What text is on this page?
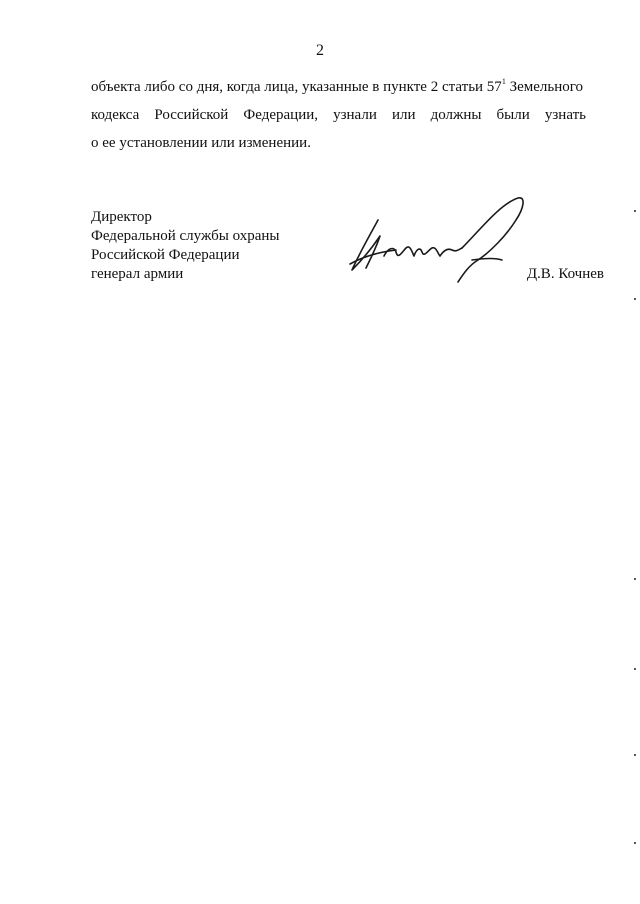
2
объекта либо со дня, когда лица, указанные в пункте 2 статьи $57^1$ Земельного
кодекса Российской Федерации, узнали или должны были узнать
о ее установлении или изменении.
Директор
Федеральной службы охраны
Российской Федерации
генерал армии	Д.В. Кочнев
